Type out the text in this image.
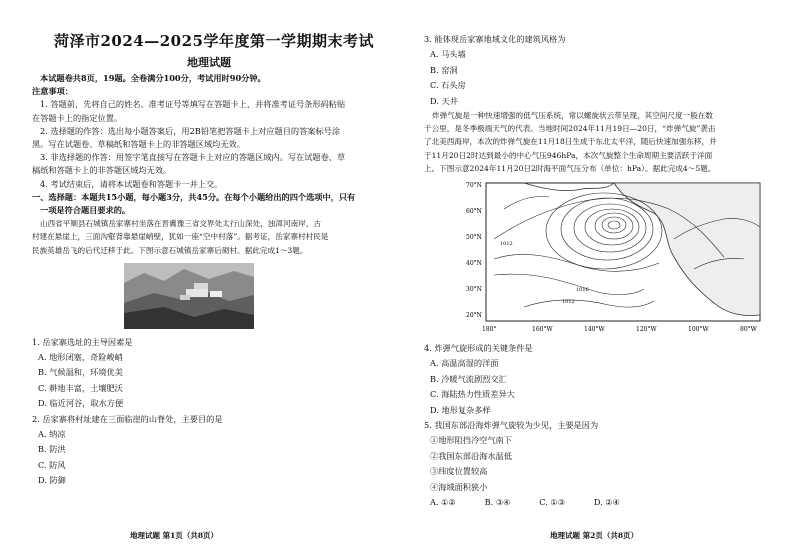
菏泽市2024—2025学年度第一学期期末考试
地理试题
本试题卷共8页，19题。全卷满分100分，考试用时90分钟。
注意事项：
1. 答题前，先将自己的姓名、准考证号等填写在答题卡上，并将准考证号条形码粘贴
在答题卡上的指定位置。
2. 选择题的作答：选出每小题答案后，用2B铅笔把答题卡上对应题目的答案标号涂
黑。写在试题卷、草稿纸和答题卡上的非答题区域均无效。
3. 非选择题的作答：用签字笔直接写在答题卡上对应的答题区域内。写在试题卷、草
稿纸和答题卡上的非答题区域均无效。
4. 考试结束后，请将本试题卷和答题卡一并上交。
一、选择题：本题共15小题，每小题3分，共45分。在每个小题给出的四个选项中，只有
一项是符合题目要求的。
山西省平顺县石城镇岳家寨村坐落在晋冀豫三省交界处太行山深处，浊漳河南岸，古
村建在悬崖上，三面沟壑背靠悬崖峭壁，犹如一座“空中村落”。据考证，岳家寨村村民是
民族英雄岳飞的后代迁移于此。下图示意石城镇岳家寨后砌村。据此完成1～3题。
1. 岳家寨选址的主导因素是
A. 地形闭塞，奇险峻峭
B. 气候温和，环境优美
C. 耕地丰富，土壤肥沃
D. 临近河谷，取水方便
2. 岳家寨将村址建在三面临崖的山脊处，主要目的是
A. 纳凉
B. 防洪
C. 防风
D. 防御
地理试题 第1页（共8页）
3. 能体现岳家寨地域文化的建筑风格为
A. 马头墙
B. 窑洞
C. 石头房
D. 天井
炸弹气旋是一种快速增强的低气压系统，常以螺旋状云带呈现，其空间尺度一般在数
千公里，是冬季极端天气的代表。当地时间2024年11月19日—20日，“炸弹气旋”袭击
了北美西海岸，本次的炸弹气旋在11月18日生成于东北太平洋，随后快速加强东移，并
于11月20日2时达到最小的中心气压946hPa，本次气旋整个生命周期主要活跃于洋面
上。下图示意2024年11月20日2时海平面气压分布（单位：hPa）。据此完成4～5题。
70°N
60°N
50°N
40°N
30°N
20°N
180°	160°W	140°W	120°W	100°W	80°W
1012
1016
1012
4. 炸弹气旋形成的关键条件是
A. 高温高湿的洋面
B. 冷暖气流剧烈交汇
C. 海陆热力性质差异大
D. 地形复杂多样
5. 我国东部沿海炸弹气旋较为少见，主要是因为
①地形阻挡冷空气南下
②我国东部沿海水温低
③纬度位置较高
④海域面积狭小
A. ①②	B. ③④	C. ①③	D. ②④
地理试题 第2页（共8页）
